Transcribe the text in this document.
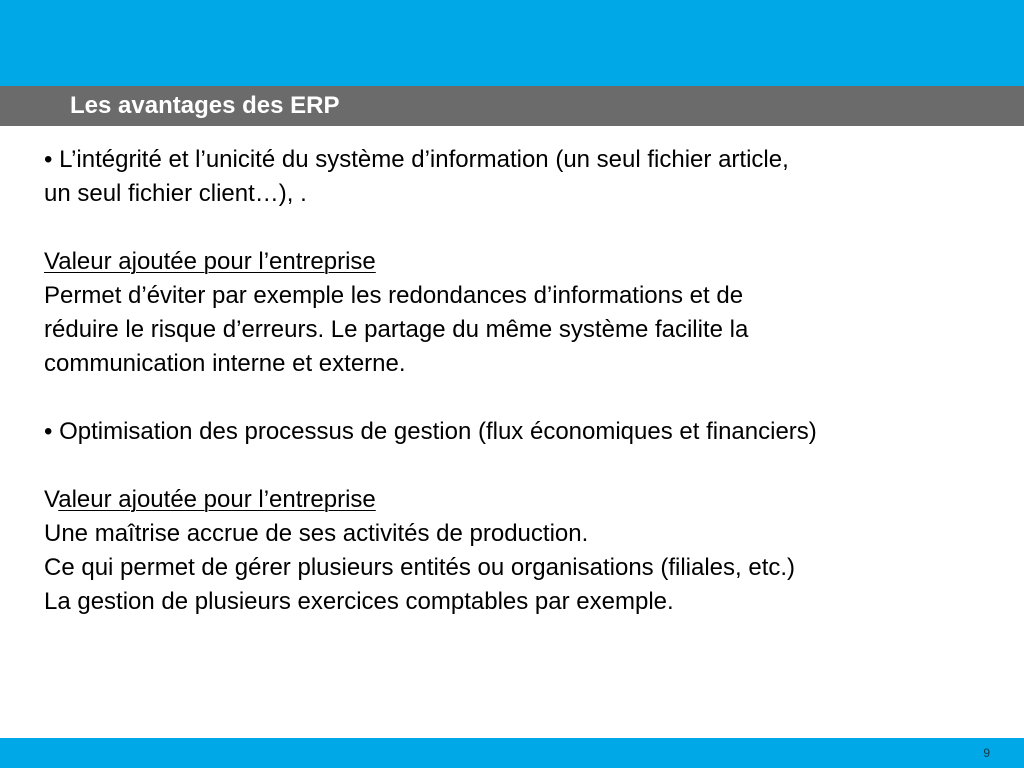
Les avantages des ERP

• L’intégrité et l’unicité du système d’information (un seul fichier article,

un seul fichier client…), .

Valeur ajoutée pour l’entreprise

Permet d’éviter par exemple les redondances d’informations et de

réduire le risque d’erreurs. Le partage du même système facilite la

communication interne et externe.

• Optimisation des processus de gestion (flux économiques et financiers)

Valeur ajoutée pour l’entreprise

Une maîtrise accrue de ses activités de production.

Ce qui permet de gérer plusieurs entités ou organisations (filiales, etc.)

La gestion de plusieurs exercices comptables par exemple.

9
